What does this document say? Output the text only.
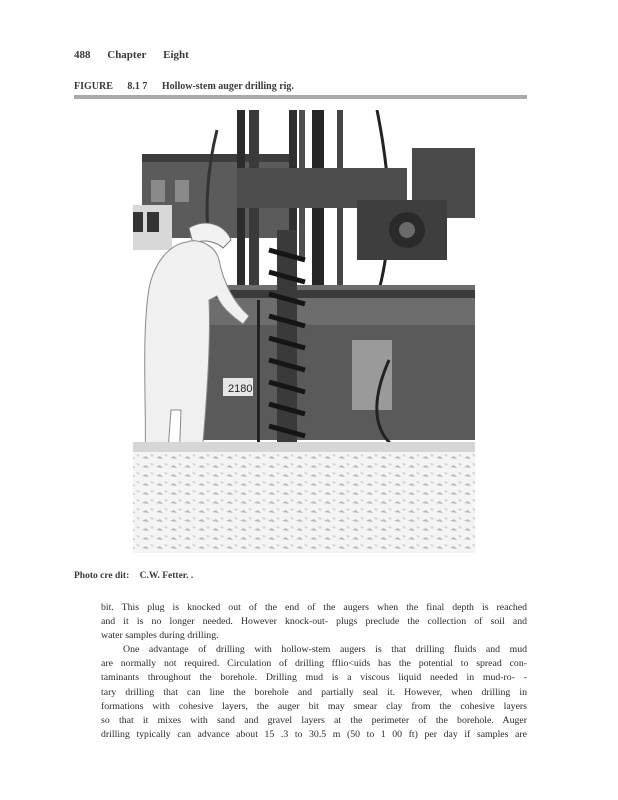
488 Chapter Eight
FIGURE 8.1 7 Hollow-stem auger drilling rig.
2180
Photo cre dit: C.W. Fetter. .
bit. This plug is knocked out of the end of the augers when the final depth is reached
and it is no longer needed. However knock-out- plugs preclude the collection of soil and
water samples during drilling.
One advantage of drilling with hollow-stem augers is that drilling fluids and mud
are normally not required. Circulation of drilling fflio<uids has the potential to spread con-
taminants throughout the borehole. Drilling mud is a viscous liquid needed in mud-ro- -
tary drilling that can line the borehole and partially seal it. However, when drilling in
formations with cohesive layers, the auger bit may smear clay from the cohesive layers
so that it mixes with sand and gravel layers at the perimeter of the borehole. Auger
drilling typically can advance about 15 .3 to 30.5 m (50 to 1 00 ft) per day if samples are
